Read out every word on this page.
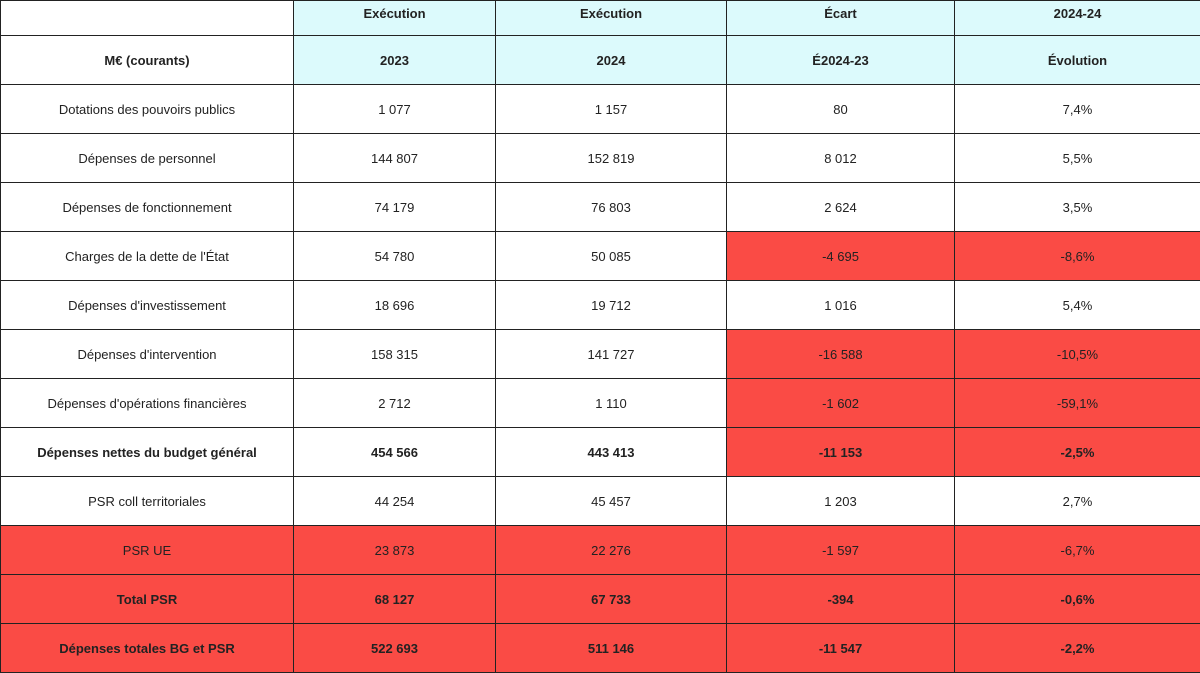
	Exécution	Exécution	Écart	2024-24
M€ (courants)	2023	2024	É2024-23	Évolution
Dotations des pouvoirs publics	1 077	1 157	80	7,4%
Dépenses de personnel	144 807	152 819	8 012	5,5%
Dépenses de fonctionnement	74 179	76 803	2 624	3,5%
Charges de la dette de l'État	54 780	50 085	-4 695	-8,6%
Dépenses d'investissement	18 696	19 712	1 016	5,4%
Dépenses d'intervention	158 315	141 727	-16 588	-10,5%
Dépenses d'opérations financières	2 712	1 110	-1 602	-59,1%
Dépenses nettes du budget général	454 566	443 413	-11 153	-2,5%
PSR coll territoriales	44 254	45 457	1 203	2,7%
PSR UE	23 873	22 276	-1 597	-6,7%
Total PSR	68 127	67 733	-394	-0,6%
Dépenses totales BG et PSR	522 693	511 146	-11 547	-2,2%
